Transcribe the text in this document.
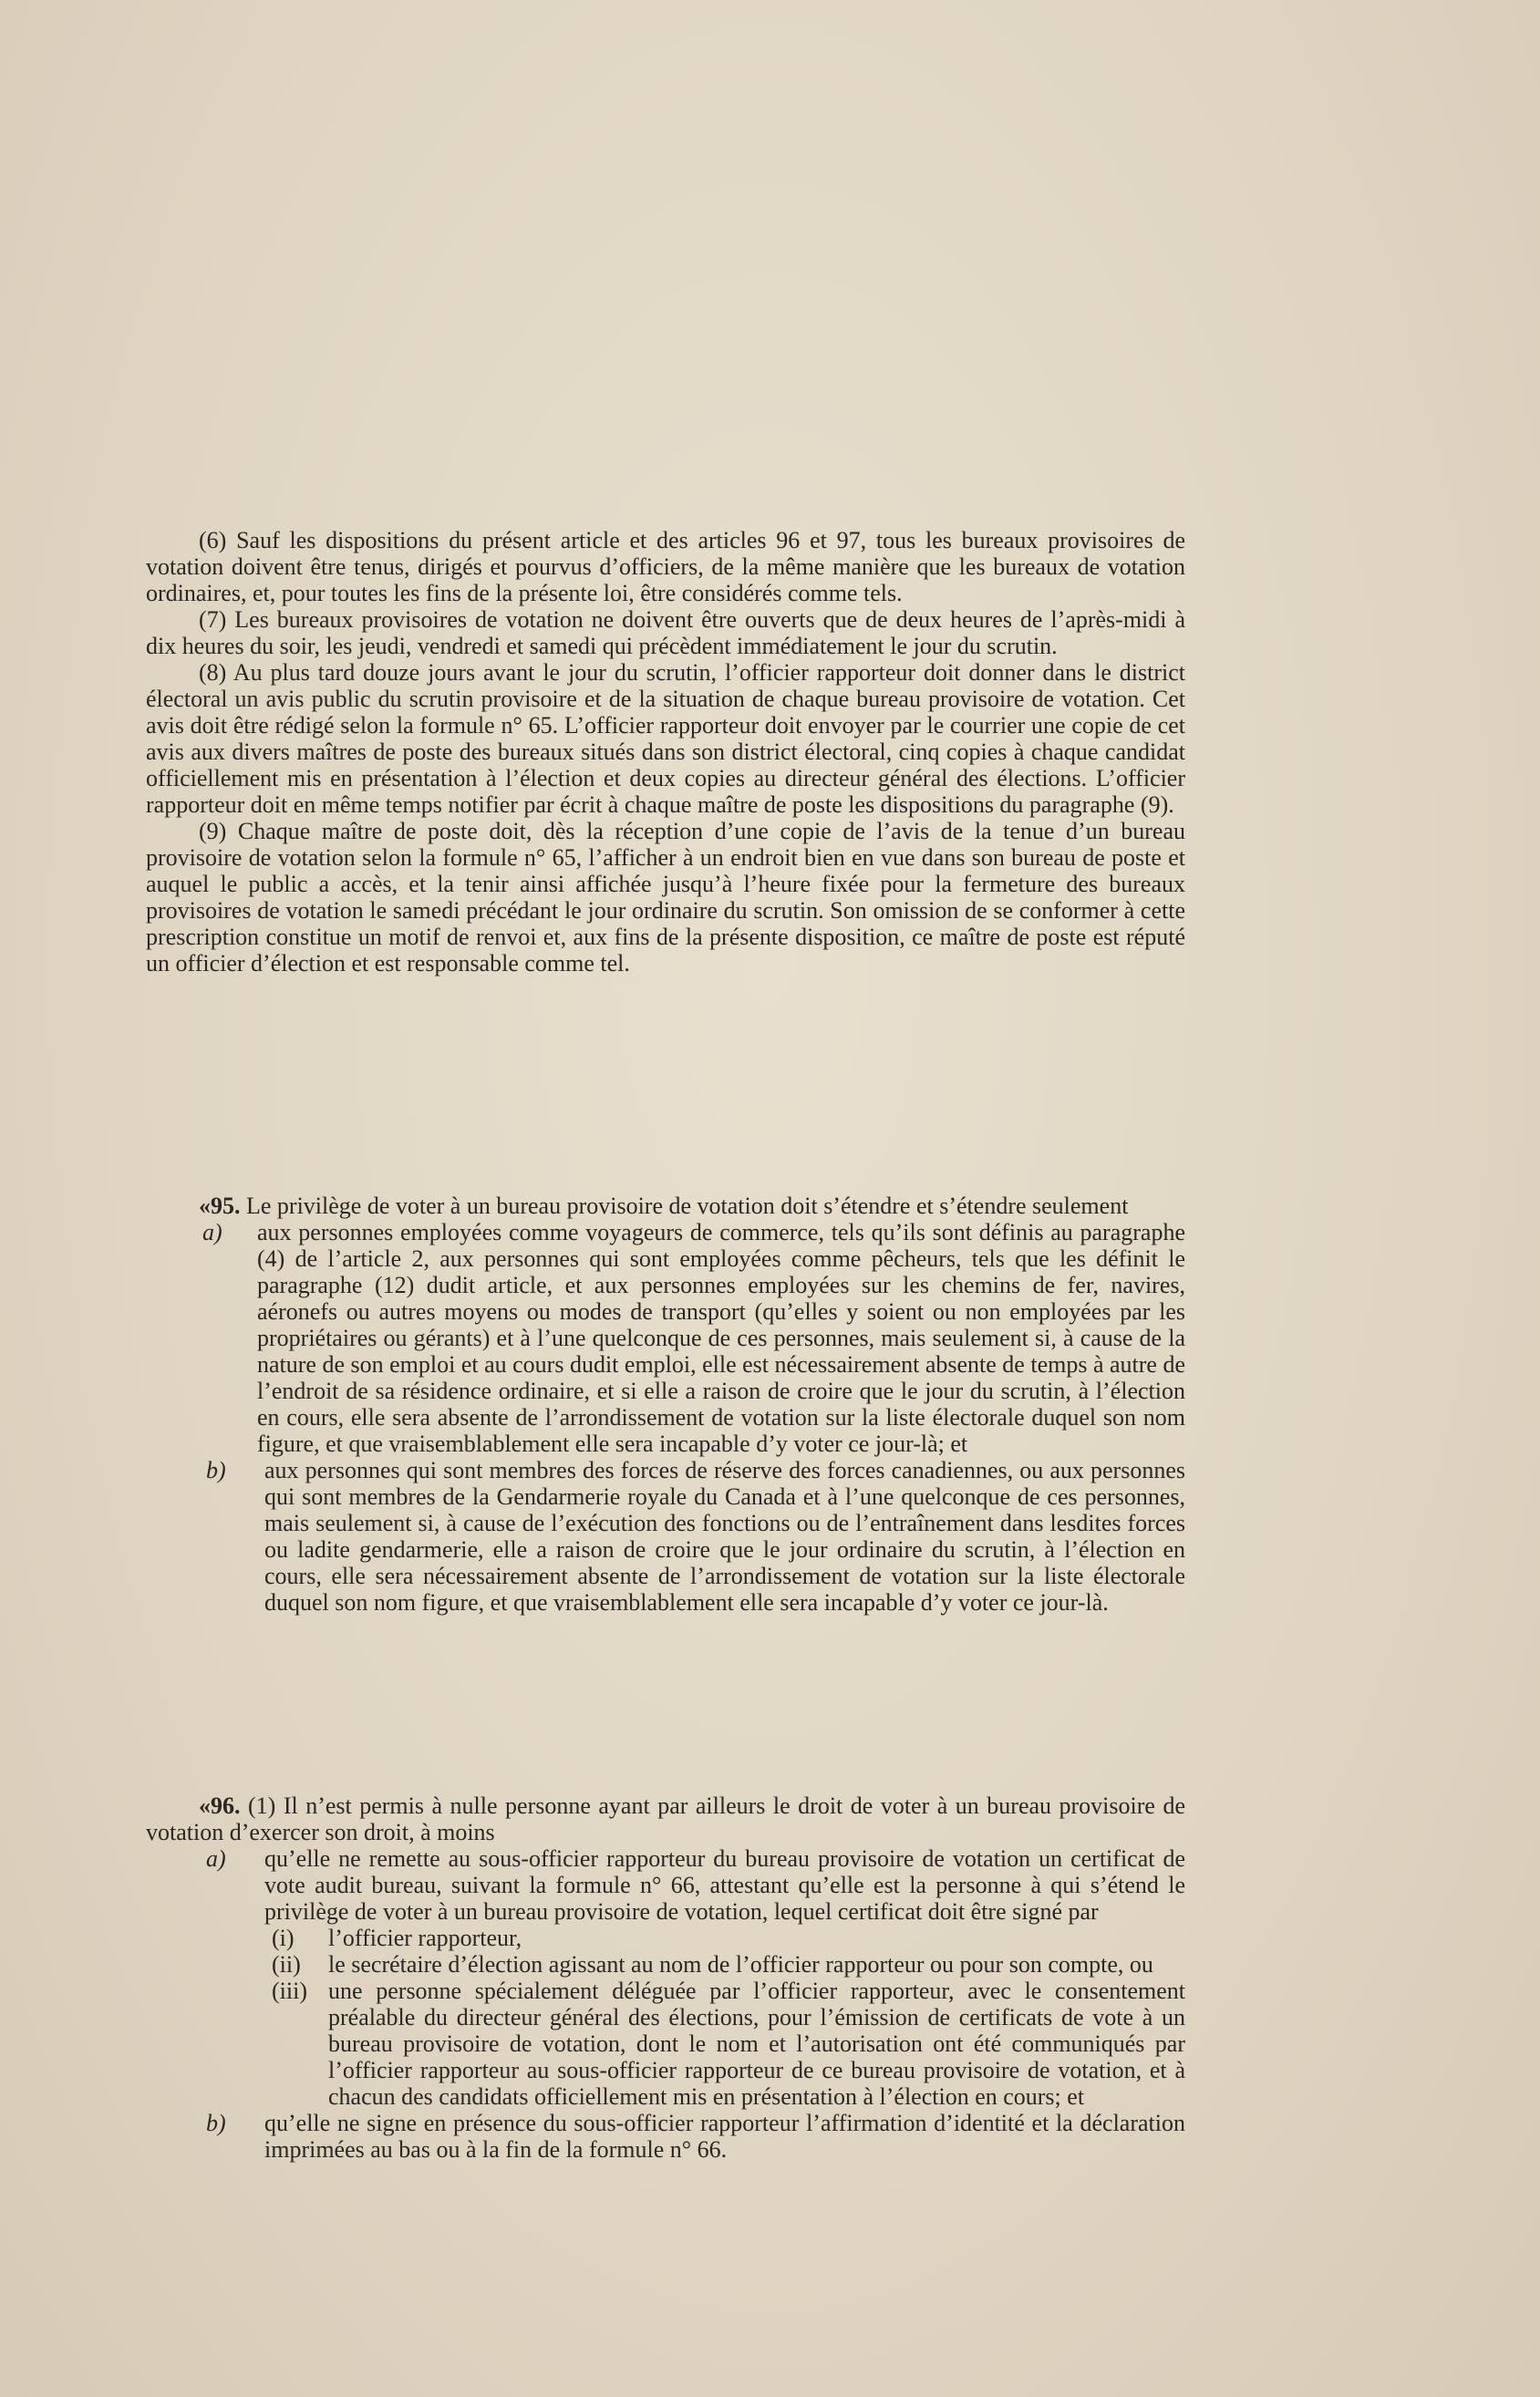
(6) Sauf les dispositions du présent article et des articles 96 et 97, tous les bureaux provisoires de votation doivent être tenus, dirigés et pourvus d’officiers, de la même manière que les bureaux de votation ordinaires, et, pour toutes les fins de la présente loi, être considérés comme tels.

(7) Les bureaux provisoires de votation ne doivent être ouverts que de deux heures de l’après-midi à dix heures du soir, les jeudi, vendredi et samedi qui précèdent immédiatement le jour du scrutin.

(8) Au plus tard douze jours avant le jour du scrutin, l’officier rapporteur doit donner dans le district électoral un avis public du scrutin provisoire et de la situation de chaque bureau provisoire de votation. Cet avis doit être rédigé selon la formule n° 65. L’officier rapporteur doit envoyer par le courrier une copie de cet avis aux divers maîtres de poste des bureaux situés dans son district électoral, cinq copies à chaque candidat officiellement mis en présentation à l’élection et deux copies au directeur général des élections. L’officier rapporteur doit en même temps notifier par écrit à chaque maître de poste les dispositions du paragraphe (9).

(9) Chaque maître de poste doit, dès la réception d’une copie de l’avis de la tenue d’un bureau provisoire de votation selon la formule n° 65, l’afficher à un endroit bien en vue dans son bureau de poste et auquel le public a accès, et la tenir ainsi affichée jusqu’à l’heure fixée pour la fermeture des bureaux provisoires de votation le samedi précédant le jour ordinaire du scrutin. Son omission de se conformer à cette prescription constitue un motif de renvoi et, aux fins de la présente disposition, ce maître de poste est réputé un officier d’élection et est responsable comme tel.

«95. Le privilège de voter à un bureau provisoire de votation doit s’étendre et s’étendre seulement

a) aux personnes employées comme voyageurs de commerce, tels qu’ils sont définis au paragraphe (4) de l’article 2, aux personnes qui sont employées comme pêcheurs, tels que les définit le paragraphe (12) dudit article, et aux personnes employées sur les chemins de fer, navires, aéronefs ou autres moyens ou modes de transport (qu’elles y soient ou non employées par les propriétaires ou gérants) et à l’une quelconque de ces personnes, mais seulement si, à cause de la nature de son emploi et au cours dudit emploi, elle est nécessairement absente de temps à autre de l’endroit de sa résidence ordinaire, et si elle a raison de croire que le jour du scrutin, à l’élection en cours, elle sera absente de l’arrondissement de votation sur la liste électorale duquel son nom figure, et que vraisemblablement elle sera incapable d’y voter ce jour-là; et
b) aux personnes qui sont membres des forces de réserve des forces canadiennes, ou aux personnes qui sont membres de la Gendarmerie royale du Canada et à l’une quelconque de ces personnes, mais seulement si, à cause de l’exécution des fonctions ou de l’entraînement dans lesdites forces ou ladite gendarmerie, elle a raison de croire que le jour ordinaire du scrutin, à l’élection en cours, elle sera nécessairement absente de l’arrondissement de votation sur la liste électorale duquel son nom figure, et que vraisemblablement elle sera incapable d’y voter ce jour-là.

«96. (1) Il n’est permis à nulle personne ayant par ailleurs le droit de voter à un bureau provisoire de votation d’exercer son droit, à moins

a) qu’elle ne remette au sous-officier rapporteur du bureau provisoire de votation un certificat de vote audit bureau, suivant la formule n° 66, attestant qu’elle est la personne à qui s’étend le privilège de voter à un bureau provisoire de votation, lequel certificat doit être signé par
(i) l’officier rapporteur,
(ii) le secrétaire d’élection agissant au nom de l’officier rapporteur ou pour son compte, ou
(iii) une personne spécialement déléguée par l’officier rapporteur, avec le consentement préalable du directeur général des élections, pour l’émission de certificats de vote à un bureau provisoire de votation, dont le nom et l’autorisation ont été communiqués par l’officier rapporteur au sous-officier rapporteur de ce bureau provisoire de votation, et à chacun des candidats officiellement mis en présentation à l’élection en cours; et
b) qu’elle ne signe en présence du sous-officier rapporteur l’affirmation d’identité et la déclaration imprimées au bas ou à la fin de la formule n° 66.
